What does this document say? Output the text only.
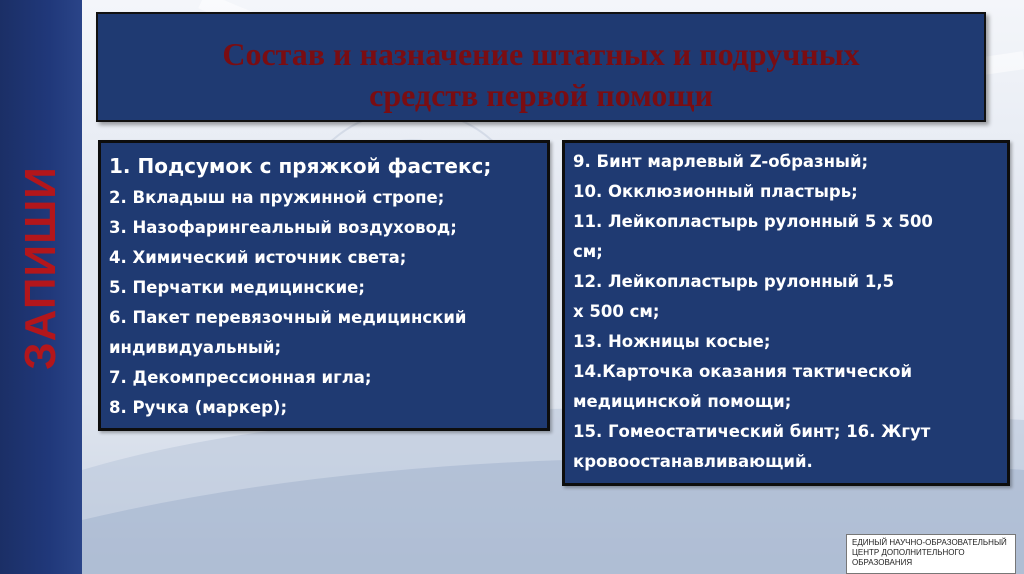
ЗАПИШИ
Состав и назначение штатных и подручных
средств первой помощи
1. Подсумок с пряжкой фастекс;
2. Вкладыш на пружинной стропе;
3. Назофарингеальный воздуховод;
4. Химический источник света;
5. Перчатки медицинские;
6. Пакет перевязочный медицинский
индивидуальный;
7. Декомпрессионная игла;
8. Ручка (маркер);
9. Бинт марлевый Z-образный;
10. Окклюзионный пластырь;
11. Лейкопластырь рулонный 5 х 500
см;
12. Лейкопластырь рулонный 1,5
х 500 см;
13. Ножницы косые;
14.Карточка оказания тактической
медицинской помощи;
15. Гомеостатический бинт; 16. Жгут
кровоостанавливающий.
ЕДИНЫЙ НАУЧНО-ОБРАЗОВАТЕЛЬНЫЙ
ЦЕНТР ДОПОЛНИТЕЛЬНОГО
ОБРАЗОВАНИЯ
